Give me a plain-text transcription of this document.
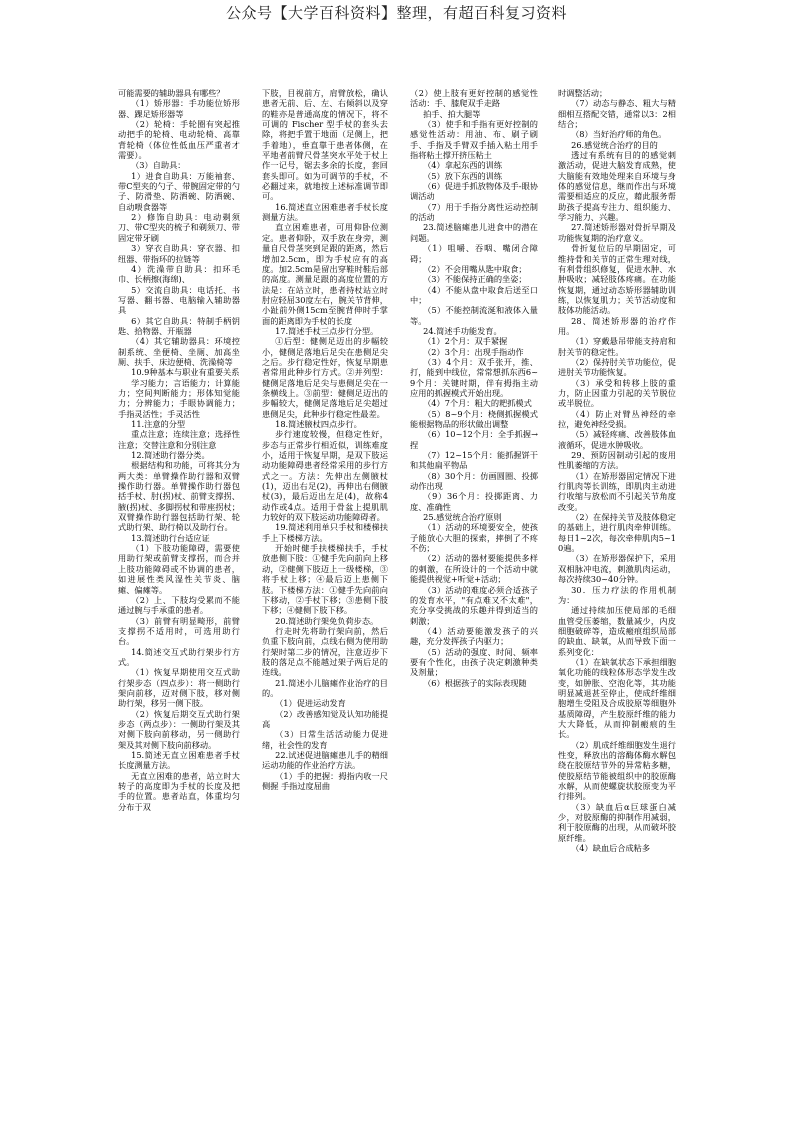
公众号【大学百科资料】整理，有超百科复习资料

可能需要的辅助器具有哪些？

（1）矫形器：手功能位矫形器、踝足矫形器等

（2）轮椅：手轮圈有突起推动把手的轮椅、电动轮椅、高靠背轮椅（体位性低血压严重者才需要）。

（3）自助具：

1）进食自助具：万能袖套、带C型夹的勺子、带腕固定带的勺子、防滑垫、防洒碗、防洒碗、自动喂食器等

2）修饰自助具：电动剃须刀、带C型夹的梳子和剃须刀、带固定带牙刷

3）穿衣自助具：穿衣器、扣纽器、带指环的拉链等

4）洗澡带自助具：扣环毛巾、长柄擦(海绵)、

5）交流自助具：电话托、书写器、翻书器、电脑输入辅助器具

6）其它自助具：特制手柄钥匙、拾物器、开瓶器

（4）其它辅助器具：环境控制系统、坐便椅、坐厕、加高坐厕、扶手、床边便椅、洗澡椅等

10.9种基本与职业有重要关系

学习能力；言语能力；计算能力；空间判断能力；形体知觉能力；分辨能力；手眼协调能力；手指灵活性；手灵活性

11.注意的分型

重点注意；连续注意；选择性注意；交替注意和分别注意

12.简述助行器分类。

根据结构和功能，可将其分为两大类：单臂操作助行器和双臂操作助行器。单臂操作助行器包括手杖、肘(拐)杖、前臂支撑拐、腋(拐)杖、多脚拐杖和带座拐杖；双臂操作助行器包括助行架、轮式助行架、助行椅以及助行台。

13.简述助行台适应证

（1）下肢功能障碍，需要使用助行架或前臂支撑拐，而合并上肢功能障碍或不协调的患者，如进展性类风湿性关节炎、脑瘫、偏瘫等。

（2）上、下肢均受累而不能通过腕与手承重的患者。

（3）前臂有明显畸形，前臂支撑拐不适用时，可选用助行台。

14.简述交互式助行架步行方式。

（1）恢复早期使用交互式助行架步态（四点步）：将一侧助行架向前移，迈对侧下肢，移对侧助行架，移另一侧下肢。

（2）恢复后期交互式助行架步态（两点步）：一侧助行架及其对侧下肢向前移动，另一侧助行架及其对侧下肢向前移动。

15.简述无直立困难患者手杖长度测量方法。

无直立困难的患者，站立时大转子的高度即为手杖的长度及把手的位置。患者站直，体重均匀分布于双

下肢，目视前方，肩臂放松，确认患者无前、后、左、右倾斜以及穿的鞋亦是普通高度的情况下，将不可调的 Fischer 型手杖的套头去除，将把手置于地面（足侧上，把手着地），垂直靠于患者体侧，在平地者前臂尺骨茎突水平处于杖上作一记号，锯去多余的长度，套回套头即可。如为可调节的手杖，不必翻过来，就地按上述标准调节即可。

16.简述直立困难患者手杖长度测量方法。

直立困难患者，可用仰卧位测定。患者仰卧，双手放在身旁，测量自尺骨茎突到足跟的距离，然后增加2.5cm，即为手杖应有的高度。加2.5cm是留出穿鞋时鞋后部的高度。测量足跟的高度位置的方法是：在站立时，患者持杖站立时肘应轻屈30度左右，腕关节背伸，小趾前外侧15cm至腕背伸时手掌面的距离即为手杖的长度

17.简述手杖三点步行分型。

①后型：健侧足迈出的步幅较小，健侧足落地后足尖在患侧足尖之后。步行稳定性好，恢复早期患者常用此种步行方式。②并列型：健侧足落地后足尖与患侧足尖在一条横线上。③前型：健侧足迈出的步幅较大，健侧足落地后足尖超过患侧足尖，此种步行稳定性最差。

18.简述腋杖四点步行。

步行速度较慢，但稳定性好，步态与正常步行相近似，训练难度小，适用于恢复早期，是双下肢运动功能障碍患者经常采用的步行方式之一。方法：先伸出左侧腋杖(1)，迈出右足(2)，再伸出右侧腋杖(3)，最后迈出左足(4)，故称4动作或4点。适用于骨盆上提肌肌力较好的双下肢运动功能障碍者。

19.简述利用单只手杖和楼梯扶手上下楼梯方法。

开始时健手扶楼梯扶手，手杖放患侧下肢：①健手先向前向上移动，②健侧下肢迈上一级楼梯，③将手杖上移；④最后迈上患侧下肢。下楼梯方法：①健手先向前向下移动，②手杖下移；③患侧下肢下移；④健侧下肢下移。

20.简述助行架免负荷步态。

行走时先将助行架向前，然后负重下肢向前，点线右侧为使用助行架时第二步的情况，注意迈步下肢的落足点不能越过架子两后足的连线。

21.简述小儿脑瘫作业治疗的目的。

（1）促进运动发育

（2）改善感知觉及认知功能提高

（3）日常生活活动能力促进绪，社会性的发育

22.试述促进脑瘫患儿手的精细运动功能的作业治疗方法。

（1）手的把握：拇指内收一尺侧握 手指过度屈曲

（2）使上肢有更好控制的感觉性活动：手、膝爬双手走路

拍手、拍大腿等

（3）使手和手指有更好控制的感觉性活动：用油、布、刷子刷手、手指及手臂双手插入粘土用手指将粘土撑开挤压粘土

（4）拿起东西的训练

（5）放下东西的训练

（6）促进手抓放物体及手-眼协调活动

（7）用于手指分离性运动控制的活动

23.简述脑瘫患儿进食中的潜在问题。

（1）咀嚼、吞咽、嘴闭合障碍；

（2）不会用嘴从匙中取食；

（3）不能保持正确的坐姿；

（4）不能从盘中取食后送至口中；

（5）不能控制流涎和液体入量等。

24.简述手功能发育。

（1）2个月：双手紧握

（2）3个月：出现手指动作

（3）4个月：双手张开，推、打，能到中线位，常常想抓东西6~9个月：关键时期，伴有拇指主动应用的抓握模式开始出现。

（4）7个月：粗大的耙抓模式

（5）8~9个月：桡侧抓握模式能根据物品的形状做出调整

（6）10~12个月：全手抓握→捏

（7）12~15个月：能抓握饼干和其他扁平物品

（8）30个月：仿画圆圈、投掷动作出现

（9）36个月：投掷距离、力度、准确性

25.感觉统合治疗原则

（1）活动的环境要安全，使孩子能放心大胆的探索，摔倒了不疼不伤；

（2）活动的器材要能提供多样的刺激，在所设计的一个活动中就能提供视觉+听觉+活动；

（3）活动的难度必须合适孩子的发育水平，"有点难又不太难"，充分享受挑战的乐趣并得到适当的刺激；

（4）活动要能激发孩子的兴趣，充分发挥孩子内驱力；

（5）活动的强度、时间、频率要有个性化，由孩子决定刺激种类及剂量；

（6）根据孩子的实际表现随

时调整活动；

（7）动态与静态、粗大与精细相互搭配交错，通常以3：2相结合；

（8）当好治疗师的角色。

26.感觉统合治疗的目的

透过有系统有目的的感觉刺激活动，促进大脑发育成熟，使大脑能有效地处理来自环境与身体的感觉信息，继而作出与环境需要相适应的反应，藉此服务帮助孩子提高专注力、组织能力、学习能力、兴趣。

27.简述矫形器对骨折早期及功能恢复期的治疗意义。

骨折复位后的早期固定，可维持骨和关节的正常生理对线，有利骨组织修复，促进水肿、水肿吸收；减轻肢体疼痛。在功能恢复期，通过动态矫形器辅助训练，以恢复肌力；关节活动度和肢体功能活动。

28、简述矫形器的治疗作用。

（1）穿戴悬吊带能支持肩和肘关节的稳定性。

（2）保持肘关节功能位，促进肘关节功能恢复。

（3）承受和转移上肢的重力，防止因重力引起的关节脱位或半脱位。

（4）防止对臂丛神经的牵拉，避免神经受损。

（5）减轻疼痛、改善肢体血液循环，促进水肿吸收。

29、预防因制动引起的废用性肌萎缩的方法。

（1）在矫形器固定情况下进行肌肉等长训练，即肌肉主动进行收缩与放松而不引起关节角度改变。

（2）在保持关节及肢体稳定的基础上，进行肌肉牵伸训练。每日1~2次，每次牵伸肌肉5~10遍。

（3）在矫形器保护下，采用双相脉冲电流，刺激肌肉运动，每次持续30~40分钟。

30．压力疗法的作用机制为：

通过持续加压使局部的毛细血管受压萎缩，数量减少，内皮细胞破碎等，造成瘢痕组织局部的缺血、缺氧，从而导致下面一系列变化：

（1）在缺氧状态下承担细胞氧化功能的线粒体形态学发生改变，如肿胀、空泡化等，其功能明显减退甚至停止，使成纤维细胞增生受阻及合成胶原等细胞外基质障碍，产生胶原纤维的能力大大降低，从而抑制瘢痕的生长。

（2）肌成纤维细胞发生退行性变，释放出的溶酶体酶水解包绕在胶原结节外的异常粘多糖，使胶原结节能被组织中的胶原酶水解，从而使螺旋状胶原变为平行排列。

（3）缺血后α巨球蛋白减少，对胶原酶的抑制作用减弱，利于胶原酶的出现，从而破坏胶原纤维。

（4）缺血后合成粘多
